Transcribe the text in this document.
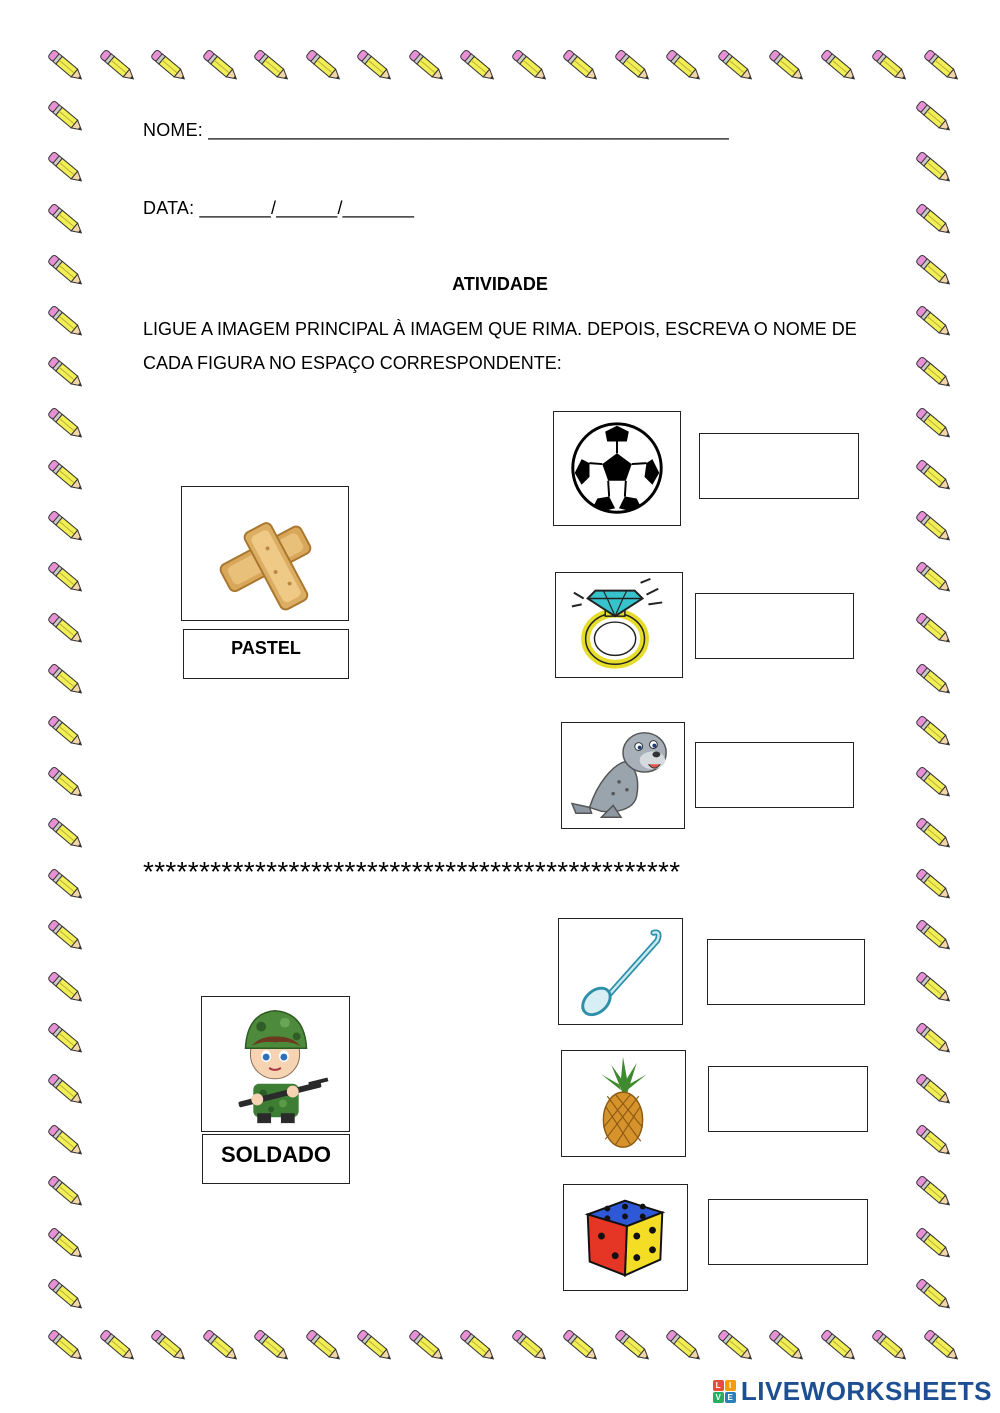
NOME: ___________________________________________________
DATA: _______/______/_______
ATIVIDADE
LIGUE A IMAGEM PRINCIPAL À IMAGEM QUE RIMA. DEPOIS, ESCREVA O NOME DE CADA FIGURA NO ESPAÇO CORRESPONDENTE:
PASTEL
************************************************
SOLDADO
L I
V E LIVEWORKSHEETS
